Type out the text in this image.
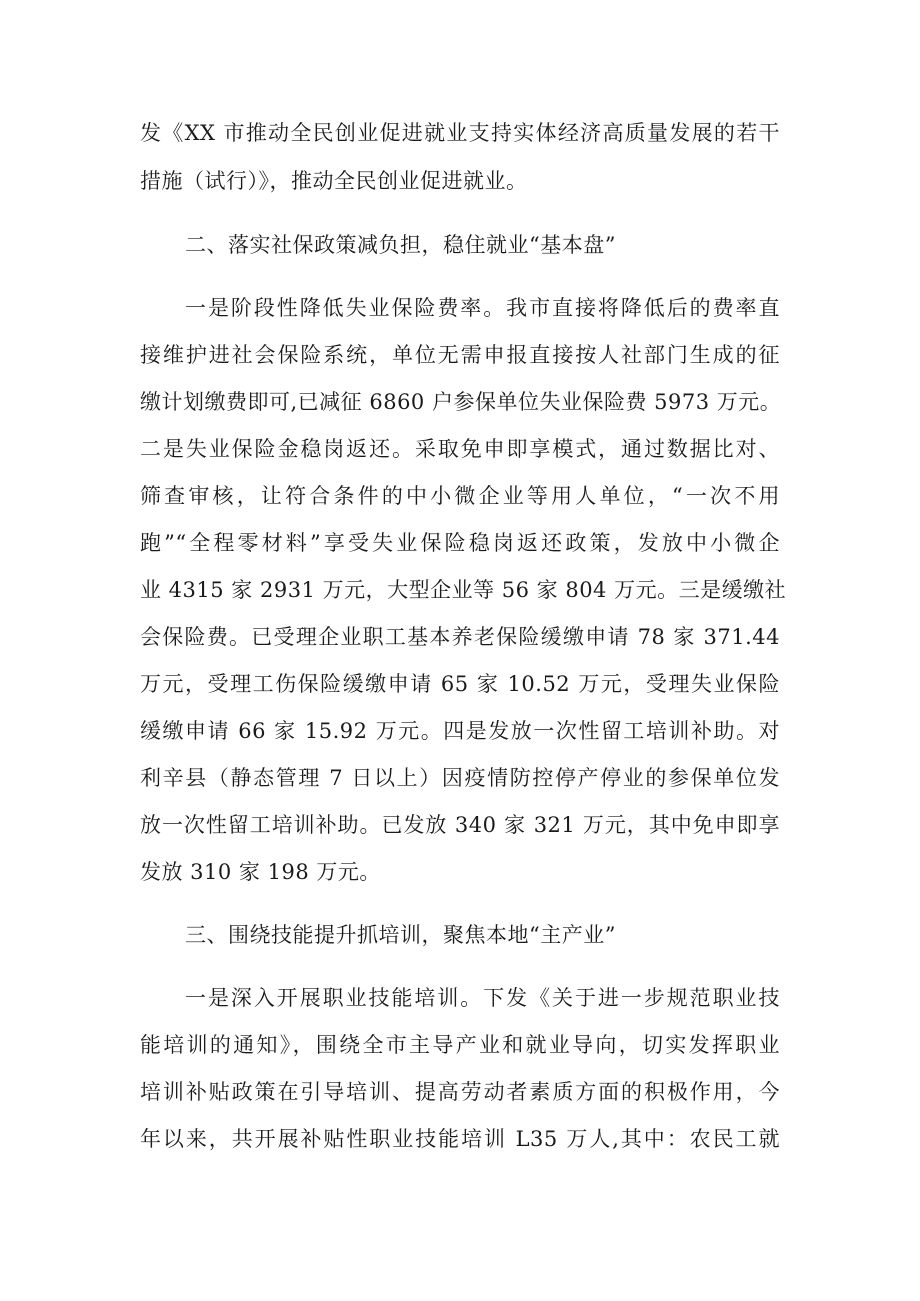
发《XX 市推动全民创业促进就业支持实体经济高质量发展的若干
措施（试行）》，推动全民创业促进就业。
二、落实社保政策减负担，稳住就业“基本盘”
一是阶段性降低失业保险费率。我市直接将降低后的费率直
接维护进社会保险系统，单位无需申报直接按人社部门生成的征
缴计划缴费即可,已减征 6860 户参保单位失业保险费 5973 万元。
二是失业保险金稳岗返还。采取免申即享模式，通过数据比对、
筛查审核，让符合条件的中小微企业等用人单位，“一次不用
跑”“全程零材料”享受失业保险稳岗返还政策，发放中小微企
业 4315 家 2931 万元，大型企业等 56 家 804 万元。三是缓缴社
会保险费。已受理企业职工基本养老保险缓缴申请 78 家 371.44
万元，受理工伤保险缓缴申请 65 家 10.52 万元，受理失业保险
缓缴申请 66 家 15.92 万元。四是发放一次性留工培训补助。对
利辛县（静态管理 7 日以上）因疫情防控停产停业的参保单位发
放一次性留工培训补助。已发放 340 家 321 万元，其中免申即享
发放 310 家 198 万元。
三、围绕技能提升抓培训，聚焦本地“主产业”
一是深入开展职业技能培训。下发《关于进一步规范职业技
能培训的通知》，围绕全市主导产业和就业导向，切实发挥职业
培训补贴政策在引导培训、提高劳动者素质方面的积极作用，今
年以来，共开展补贴性职业技能培训 L35 万人,其中：农民工就
